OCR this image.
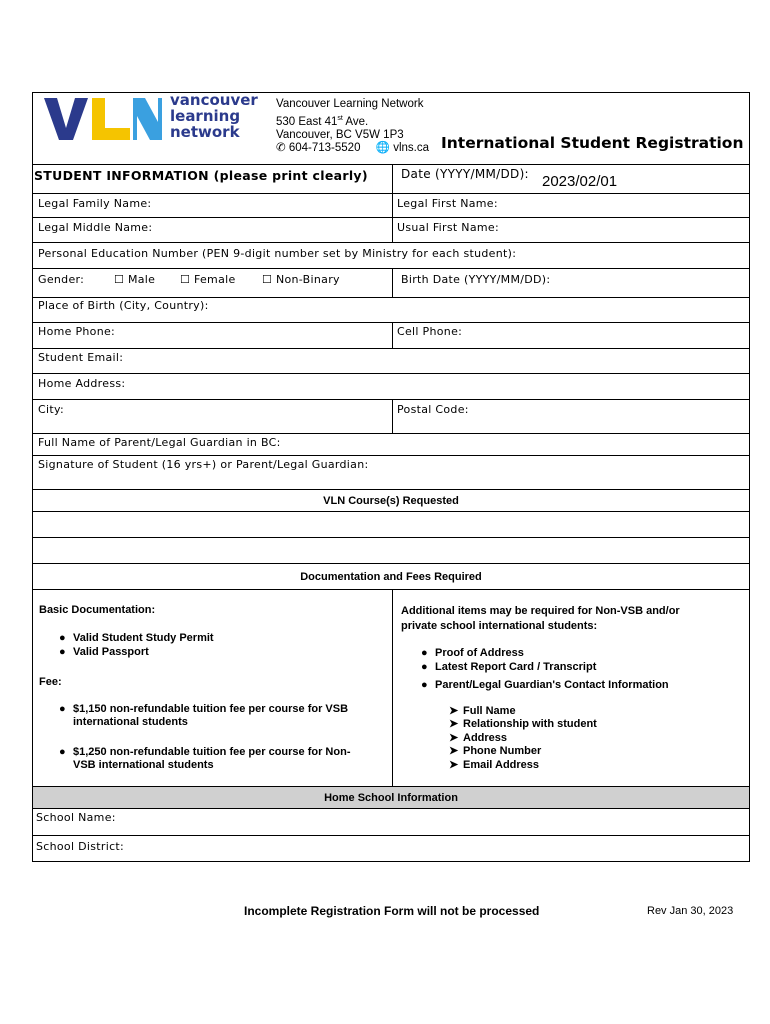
vancouver
learning
network
Vancouver Learning Network
530 East 41st Ave.
Vancouver, BC V5W 1P3
✆ 604-713-5520 🌐 vlns.ca International Student Registration
STUDENT INFORMATION (please print clearly)	Date (YYYY/MM/DD): 2023/02/01
Legal Family Name:	Legal First Name:
Legal Middle Name:	Usual First Name:
Personal Education Number (PEN 9-digit number set by Ministry for each student):
Gender:	☐ Male ☐ Female ☐ Non-Binary	Birth Date (YYYY/MM/DD):
Place of Birth (City, Country):
Home Phone:	Cell Phone:
Student Email:
Home Address:
City:	Postal Code:
Full Name of Parent/Legal Guardian in BC:
Signature of Student (16 yrs+) or Parent/Legal Guardian:
VLN Course(s) Requested
Documentation and Fees Required
Basic Documentation:
● Valid Student Study Permit
● Valid Passport
Fee:
● $1,150 non-refundable tuition fee per course for VSB international students
● $1,250 non-refundable tuition fee per course for Non-VSB international students
Additional items may be required for Non-VSB and/or private school international students:
● Proof of Address
● Latest Report Card / Transcript
● Parent/Legal Guardian's Contact Information
➤ Full Name
➤ Relationship with student
➤ Address
➤ Phone Number
➤ Email Address
Home School Information
School Name:
School District:
Incomplete Registration Form will not be processed	Rev Jan 30, 2023
